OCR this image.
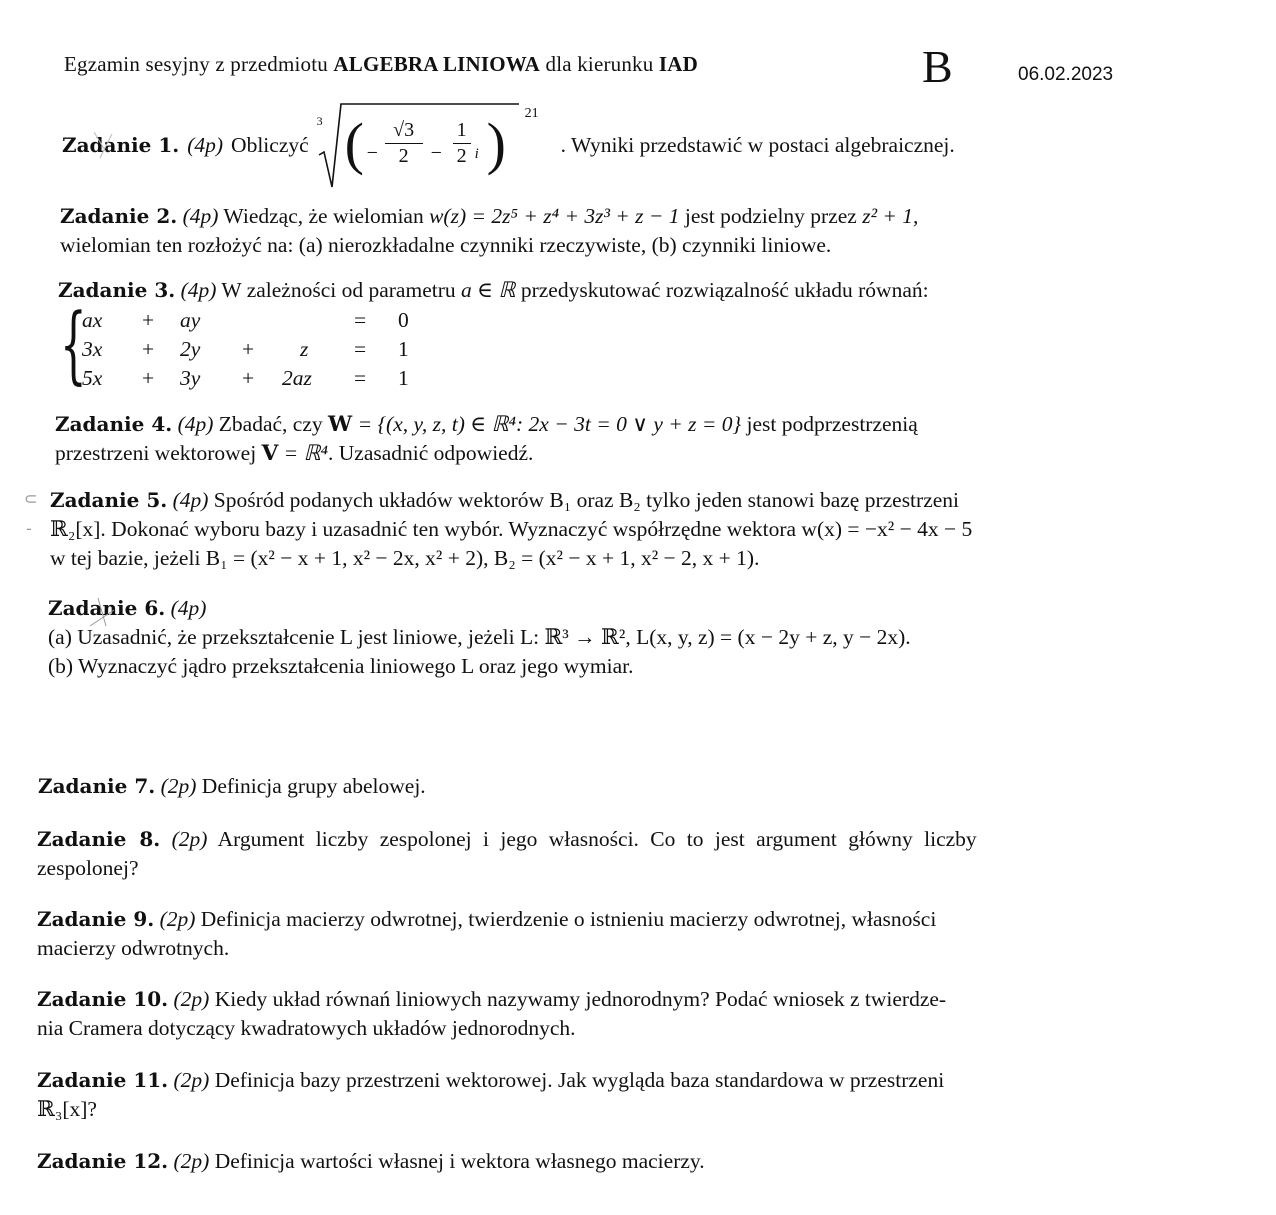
Egzamin sesyjny z przedmiotu ALGEBRA LINIOWA dla kierunku IAD	B	06.02.2023
Zadanie 1. (4p) Obliczyć
3 ( −
√3
2	−
1
2 i ) 21
. Wyniki przedstawić w postaci algebraicznej.
Zadanie 2. (4p) Wiedząc, że wielomian w(z) = 2z⁵ + z⁴ + 3z³ + z − 1 jest podzielny przez z² + 1,
wielomian ten rozłożyć na: (a) nierozkładalne czynniki rzeczywiste, (b) czynniki liniowe.
Zadanie 3. (4p) W zależności od parametru a ∈ ℝ przedyskutować rozwiązalność układu równań:
{
ax + ay	= 0
3x + 2y + z = 1
5x + 3y + 2az = 1
Zadanie 4. (4p) Zbadać, czy W = {(x, y, z, t) ∈ ℝ⁴: 2x − 3t = 0 ∨ y + z = 0} jest podprzestrzenią
przestrzeni wektorowej V = ℝ⁴. Uzasadnić odpowiedź.
⊂
-
Zadanie 5. (4p) Spośród podanych układów wektorów B₁ oraz B₂ tylko jeden stanowi bazę przestrzeni
ℝ₂[x]. Dokonać wyboru bazy i uzasadnić ten wybór. Wyznaczyć współrzędne wektora w(x) = −x² − 4x − 5
w tej bazie, jeżeli B₁ = (x² − x + 1, x² − 2x, x² + 2), B₂ = (x² − x + 1, x² − 2, x + 1).
Zadanie 6. (4p)
(a) Uzasadnić, że przekształcenie L jest liniowe, jeżeli L: ℝ³ → ℝ², L(x, y, z) = (x − 2y + z, y − 2x).
(b) Wyznaczyć jądro przekształcenia liniowego L oraz jego wymiar.
Zadanie 7. (2p) Definicja grupy abelowej.
Zadanie 8. (2p) Argument liczby zespolonej i jego własności. Co to jest argument główny liczby
zespolonej?
Zadanie 9. (2p) Definicja macierzy odwrotnej, twierdzenie o istnieniu macierzy odwrotnej, własności
macierzy odwrotnych.
Zadanie 10. (2p) Kiedy układ równań liniowych nazywamy jednorodnym? Podać wniosek z twierdze-
nia Cramera dotyczący kwadratowych układów jednorodnych.
Zadanie 11. (2p) Definicja bazy przestrzeni wektorowej. Jak wygląda baza standardowa w przestrzeni
ℝ₃[x]?
Zadanie 12. (2p) Definicja wartości własnej i wektora własnego macierzy.
